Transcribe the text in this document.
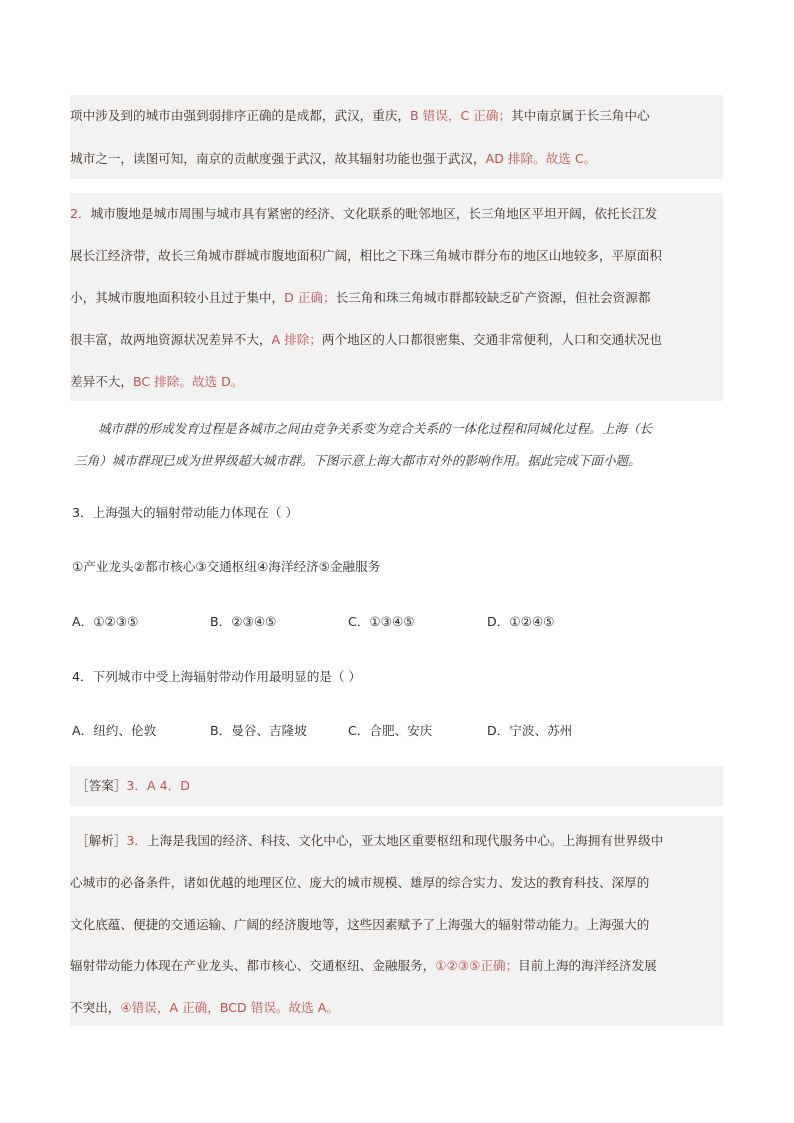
项中涉及到的城市由强到弱排序正确的是成都，武汉，重庆，B 错误，C 正确；其中南京属于长三角中心
城市之一，读图可知，南京的贡献度强于武汉，故其辐射功能也强于武汉，AD 排除。故选 C。
2．城市腹地是城市周围与城市具有紧密的经济、文化联系的毗邻地区，长三角地区平坦开阔，依托长江发
展长江经济带，故长三角城市群城市腹地面积广阔，相比之下珠三角城市群分布的地区山地较多，平原面积
小，其城市腹地面积较小且过于集中，D 正确；长三角和珠三角城市群都较缺乏矿产资源，但社会资源都
很丰富，故两地资源状况差异不大，A 排除；两个地区的人口都很密集、交通非常便利，人口和交通状况也
差异不大，BC 排除。故选 D。
城市群的形成发育过程是各城市之间由竞争关系变为竞合关系的一体化过程和同城化过程。上海（长
三角）城市群现已成为世界级超大城市群。下图示意上海大都市对外的影响作用。据此完成下面小题。
3．上海强大的辐射带动能力体现在（ ）
①产业龙头②都市核心③交通枢纽④海洋经济⑤金融服务
A．①②③⑤	B．②③④⑤	C．①③④⑤	D．①②④⑤
4．下列城市中受上海辐射带动作用最明显的是（ ）
A．纽约、伦敦	B．曼谷、吉隆坡	C．合肥、安庆	D．宁波、苏州
［答案］3．A 4．D
［解析］3．上海是我国的经济、科技、文化中心，亚太地区重要枢纽和现代服务中心。上海拥有世界级中
心城市的必备条件，诸如优越的地理区位、庞大的城市规模、雄厚的综合实力、发达的教育科技、深厚的
文化底蕴、便捷的交通运输、广阔的经济腹地等，这些因素赋予了上海强大的辐射带动能力。上海强大的
辐射带动能力体现在产业龙头、都市核心、交通枢纽、金融服务，①②③⑤正确；目前上海的海洋经济发展
不突出，④错误，A 正确，BCD 错误。故选 A。
